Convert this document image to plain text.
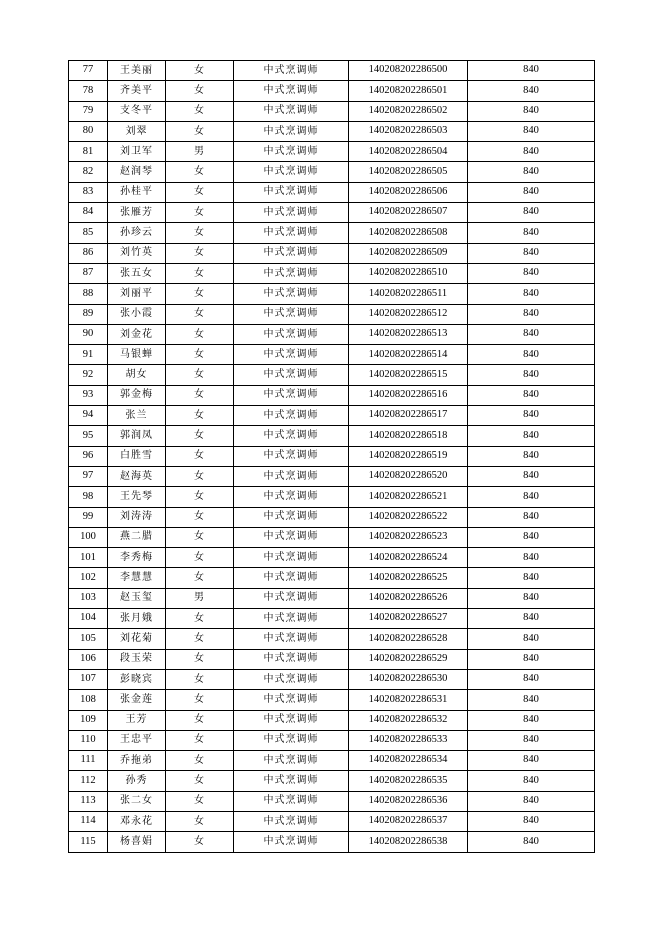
77	王美丽	女	中式烹调师	140208202286500	840
78	齐美平	女	中式烹调师	140208202286501	840
79	支冬平	女	中式烹调师	140208202286502	840
80	刘翠	女	中式烹调师	140208202286503	840
81	刘卫军	男	中式烹调师	140208202286504	840
82	赵润琴	女	中式烹调师	140208202286505	840
83	孙桂平	女	中式烹调师	140208202286506	840
84	张雁芳	女	中式烹调师	140208202286507	840
85	孙珍云	女	中式烹调师	140208202286508	840
86	刘竹英	女	中式烹调师	140208202286509	840
87	张五女	女	中式烹调师	140208202286510	840
88	刘丽平	女	中式烹调师	140208202286511	840
89	张小霞	女	中式烹调师	140208202286512	840
90	刘金花	女	中式烹调师	140208202286513	840
91	马银蝉	女	中式烹调师	140208202286514	840
92	胡女	女	中式烹调师	140208202286515	840
93	郭金梅	女	中式烹调师	140208202286516	840
94	张兰	女	中式烹调师	140208202286517	840
95	郭润凤	女	中式烹调师	140208202286518	840
96	白胜雪	女	中式烹调师	140208202286519	840
97	赵海英	女	中式烹调师	140208202286520	840
98	王先琴	女	中式烹调师	140208202286521	840
99	刘涛涛	女	中式烹调师	140208202286522	840
100	燕二腊	女	中式烹调师	140208202286523	840
101	李秀梅	女	中式烹调师	140208202286524	840
102	李慧慧	女	中式烹调师	140208202286525	840
103	赵玉玺	男	中式烹调师	140208202286526	840
104	张月娥	女	中式烹调师	140208202286527	840
105	刘花菊	女	中式烹调师	140208202286528	840
106	段玉荣	女	中式烹调师	140208202286529	840
107	彭晓宾	女	中式烹调师	140208202286530	840
108	张金莲	女	中式烹调师	140208202286531	840
109	王芳	女	中式烹调师	140208202286532	840
110	王忠平	女	中式烹调师	140208202286533	840
111	乔拖弟	女	中式烹调师	140208202286534	840
112	孙秀	女	中式烹调师	140208202286535	840
113	张二女	女	中式烹调师	140208202286536	840
114	邓永花	女	中式烹调师	140208202286537	840
115	杨喜娟	女	中式烹调师	140208202286538	840
